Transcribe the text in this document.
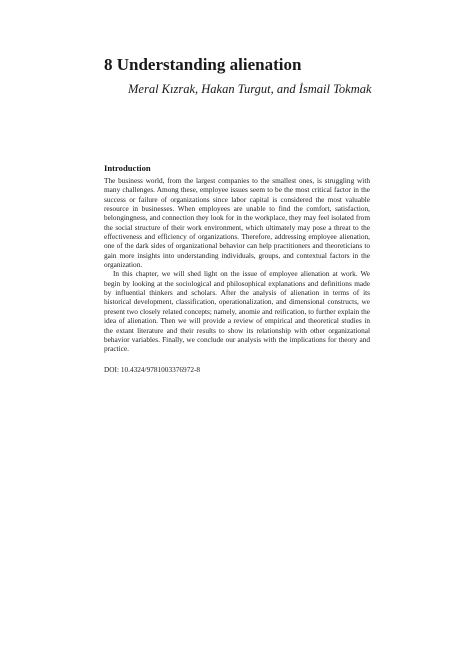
8 Understanding alienation

Meral Kızrak, Hakan Turgut, and İsmail Tokmak

Introduction

The business world, from the largest companies to the smallest ones, is struggling with many challenges. Among these, employee issues seem to be the most critical factor in the success or failure of organizations since labor capital is considered the most valuable resource in businesses. When employees are unable to find the comfort, satisfaction, belongingness, and connection they look for in the workplace, they may feel isolated from the social structure of their work environment, which ultimately may pose a threat to the effectiveness and efficiency of organizations. Therefore, addressing employee alienation, one of the dark sides of organizational behavior can help practitioners and theoreticians to gain more insights into understanding individuals, groups, and contextual factors in the organization.

In this chapter, we will shed light on the issue of employee alienation at work. We begin by looking at the sociological and philosophical explanations and definitions made by influential thinkers and scholars. After the analysis of alienation in terms of its historical development, classification, operationalization, and dimensional constructs, we present two closely related concepts; namely, anomie and reification, to further explain the idea of alienation. Then we will provide a review of empirical and theoretical studies in the extant literature and their results to show its relationship with other organizational behavior variables. Finally, we conclude our analysis with the implications for theory and practice.

DOI: 10.4324/9781003376972-8
